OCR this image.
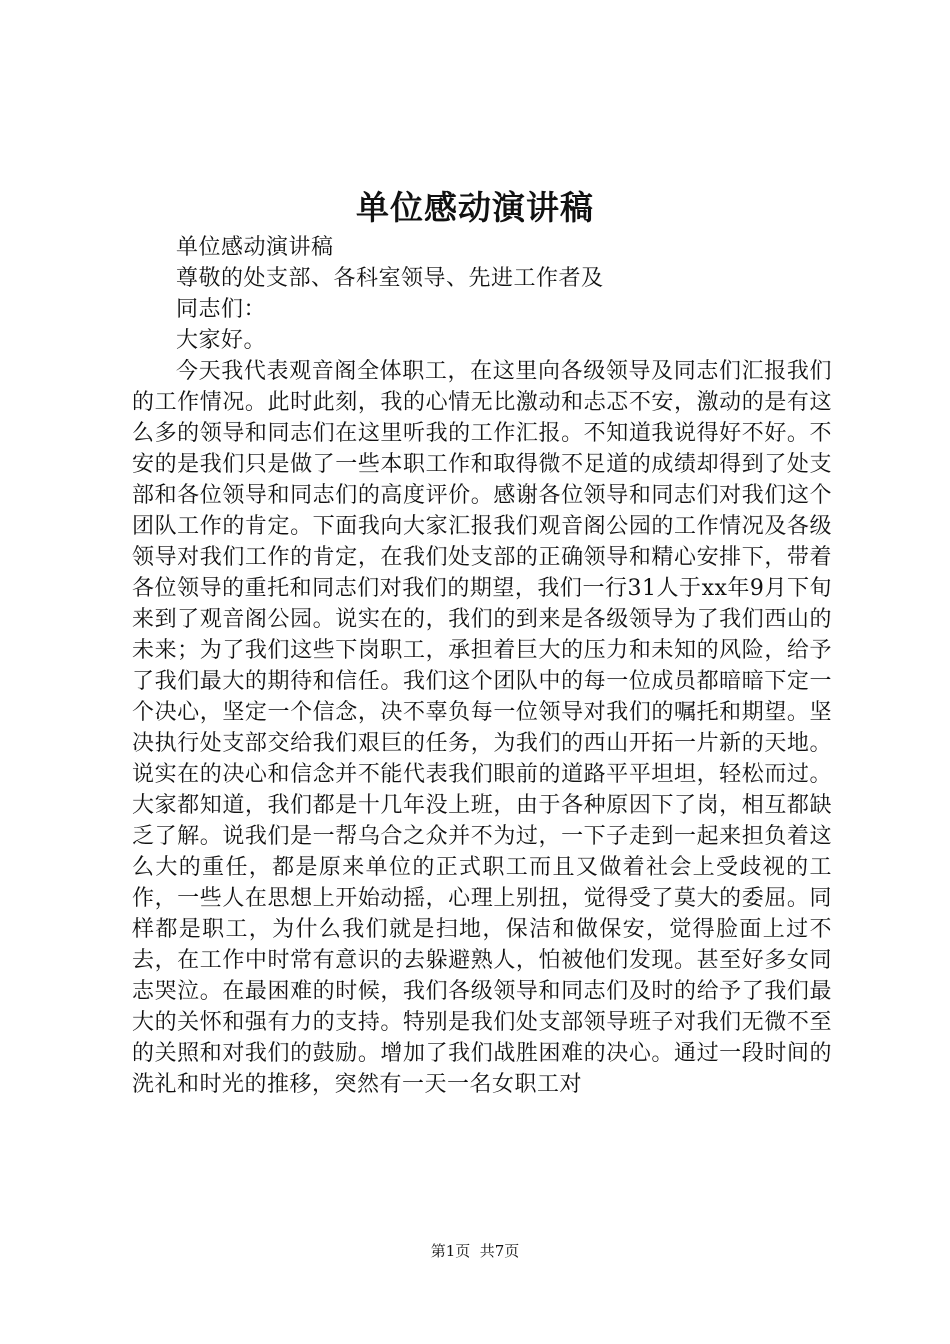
单位感动演讲稿

单位感动演讲稿

尊敬的处支部、各科室领导、先进工作者及

同志们：

大家好。

今天我代表观音阁全体职工，在这里向各级领导及同志们汇报我们的工作情况。此时此刻，我的心情无比激动和忐忑不安，激动的是有这么多的领导和同志们在这里听我的工作汇报。不知道我说得好不好。不安的是我们只是做了一些本职工作和取得微不足道的成绩却得到了处支部和各位领导和同志们的高度评价。感谢各位领导和同志们对我们这个团队工作的肯定。下面我向大家汇报我们观音阁公园的工作情况及各级领导对我们工作的肯定，在我们处支部的正确领导和精心安排下，带着各位领导的重托和同志们对我们的期望，我们一行31人于xx年9月下旬来到了观音阁公园。说实在的，我们的到来是各级领导为了我们西山的未来；为了我们这些下岗职工，承担着巨大的压力和未知的风险，给予了我们最大的期待和信任。我们这个团队中的每一位成员都暗暗下定一个决心，坚定一个信念，决不辜负每一位领导对我们的嘱托和期望。坚决执行处支部交给我们艰巨的任务，为我们的西山开拓一片新的天地。说实在的决心和信念并不能代表我们眼前的道路平平坦坦，轻松而过。大家都知道，我们都是十几年没上班，由于各种原因下了岗，相互都缺乏了解。说我们是一帮乌合之众并不为过，一下子走到一起来担负着这么大的重任，都是原来单位的正式职工而且又做着社会上受歧视的工作，一些人在思想上开始动摇，心理上别扭，觉得受了莫大的委屈。同样都是职工，为什么我们就是扫地，保洁和做保安，觉得脸面上过不去，在工作中时常有意识的去躲避熟人，怕被他们发现。甚至好多女同志哭泣。在最困难的时候，我们各级领导和同志们及时的给予了我们最大的关怀和强有力的支持。特别是我们处支部领导班子对我们无微不至的关照和对我们的鼓励。增加了我们战胜困难的决心。通过一段时间的洗礼和时光的推移，突然有一天一名女职工对

第1页  共7页
